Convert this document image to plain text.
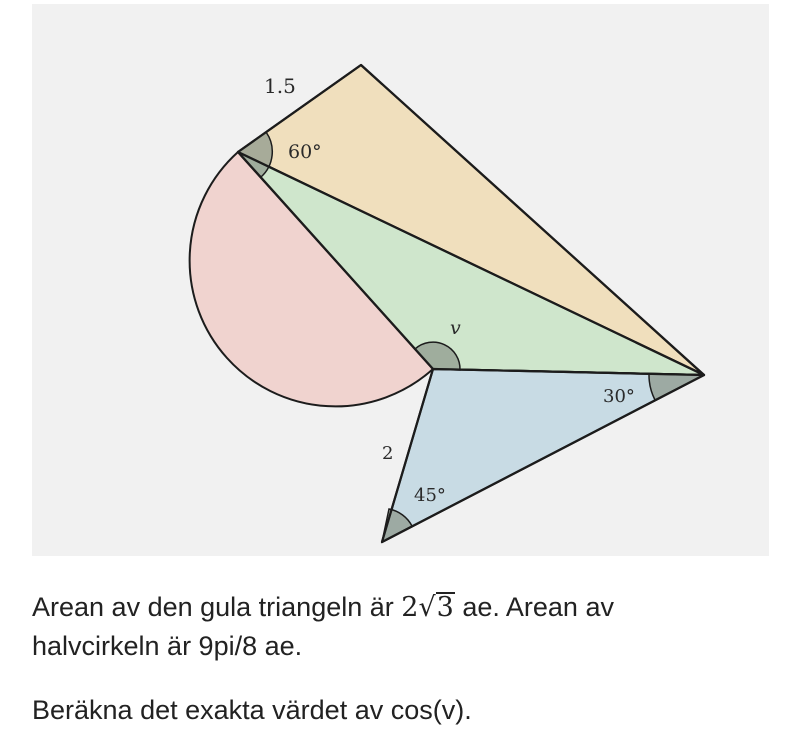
1.5
60°
v
30°
2
45°

Arean av den gula triangeln är 2√3 ae. Arean av
halvcirkeln är 9pi/8 ae.

Beräkna det exakta värdet av cos(v).
